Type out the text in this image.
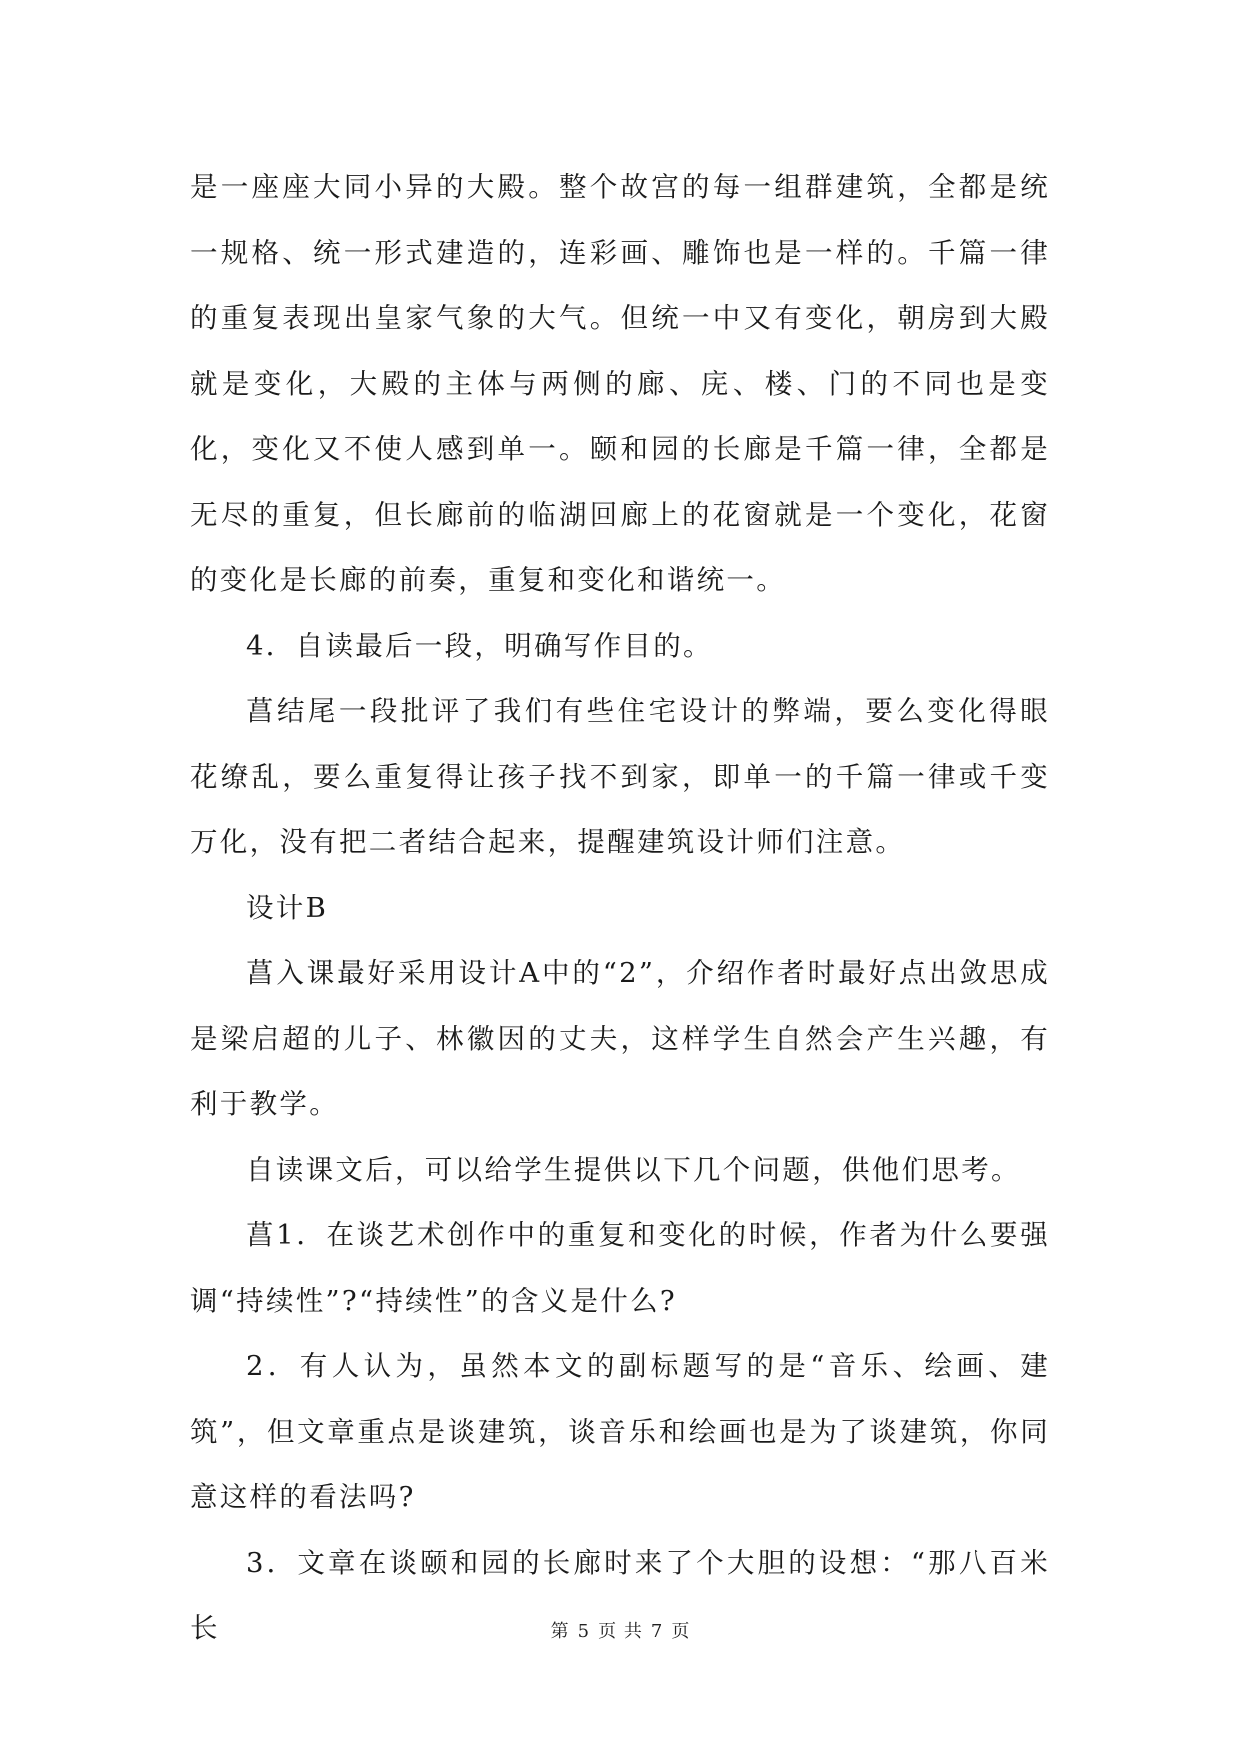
是一座座大同小异的大殿。整个故宫的每一组群建筑，全都是统一规格、统一形式建造的，连彩画、雕饰也是一样的。千篇一律的重复表现出皇家气象的大气。但统一中又有变化，朝房到大殿就是变化，大殿的主体与两侧的廊、庑、楼、门的不同也是变化，变化又不使人感到单一。颐和园的长廊是千篇一律，全都是无尽的重复，但长廊前的临湖回廊上的花窗就是一个变化，花窗的变化是长廊的前奏，重复和变化和谐统一。

4．自读最后一段，明确写作目的。

菖结尾一段批评了我们有些住宅设计的弊端，要么变化得眼花缭乱，要么重复得让孩子找不到家，即单一的千篇一律或千变万化，没有把二者结合起来，提醒建筑设计师们注意。

设计B

菖入课最好采用设计A中的“2”，介绍作者时最好点出敛思成是梁启超的儿子、林徽因的丈夫，这样学生自然会产生兴趣，有利于教学。

自读课文后，可以给学生提供以下几个问题，供他们思考。

菖1．在谈艺术创作中的重复和变化的时候，作者为什么要强调“持续性”?“持续性”的含义是什么?

2．有人认为，虽然本文的副标题写的是“音乐、绘画、建筑”，但文章重点是谈建筑，谈音乐和绘画也是为了谈建筑，你同意这样的看法吗?

3．文章在谈颐和园的长廊时来了个大胆的设想：“那八百米长	第 5 页 共 7 页
